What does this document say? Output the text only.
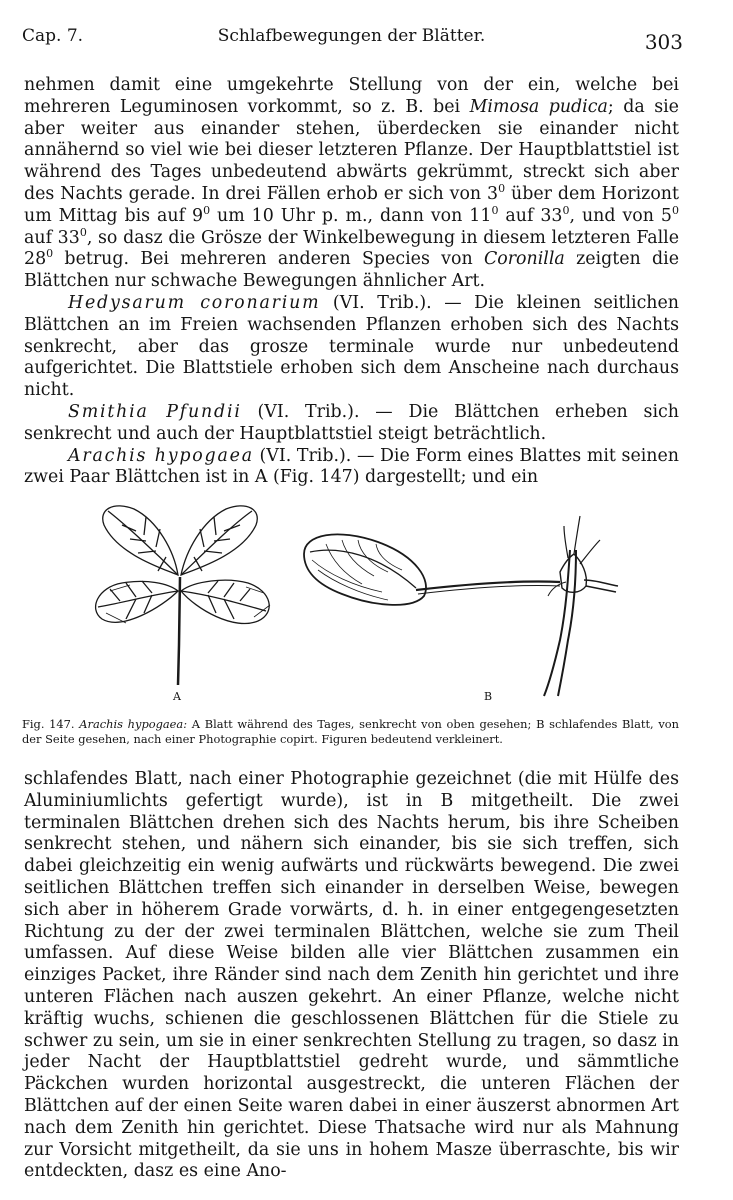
Cap. 7.	Schlafbewegungen der Blätter.	303

nehmen damit eine umgekehrte Stellung von der ein, welche bei mehreren Leguminosen vorkommt, so z. B. bei Mimosa pudica; da sie aber weiter aus einander stehen, überdecken sie einander nicht annähernd so viel wie bei dieser letzteren Pflanze. Der Hauptblattstiel ist während des Tages unbedeutend abwärts gekrümmt, streckt sich aber des Nachts gerade. In drei Fällen erhob er sich von $3^0$ über dem Horizont um Mittag bis auf $9^0$ um 10 Uhr p. m., dann von $11^0$ auf $33^0$, und von $5^0$ auf $33^0$, so dasz die Grösze der Winkelbewegung in diesem letzteren Falle $28^0$ betrug. Bei mehreren anderen Species von Coronilla zeigten die Blättchen nur schwache Bewegungen ähnlicher Art.

Hedysarum coronarium (VI. Trib.). — Die kleinen seitlichen Blättchen an im Freien wachsenden Pflanzen erhoben sich des Nachts senkrecht, aber das grosze terminale wurde nur unbedeutend aufgerichtet. Die Blattstiele erhoben sich dem Anscheine nach durchaus nicht.

Smithia Pfundii (VI. Trib.). — Die Blättchen erheben sich senkrecht und auch der Hauptblattstiel steigt beträchtlich.

Arachis hypogaea (VI. Trib.). — Die Form eines Blattes mit seinen zwei Paar Blättchen ist in A (Fig. 147) dargestellt; und ein

A	B

Fig. 147. Arachis hypogaea: A Blatt während des Tages, senkrecht von oben gesehen; B schlafendes Blatt, von der Seite gesehen, nach einer Photographie copirt. Figuren bedeutend verkleinert.

schlafendes Blatt, nach einer Photographie gezeichnet (die mit Hülfe des Aluminiumlichts gefertigt wurde), ist in B mitgetheilt. Die zwei terminalen Blättchen drehen sich des Nachts herum, bis ihre Scheiben senkrecht stehen, und nähern sich einander, bis sie sich treffen, sich dabei gleichzeitig ein wenig aufwärts und rückwärts bewegend. Die zwei seitlichen Blättchen treffen sich einander in derselben Weise, bewegen sich aber in höherem Grade vorwärts, d. h. in einer entgegengesetzten Richtung zu der der zwei terminalen Blättchen, welche sie zum Theil umfassen. Auf diese Weise bilden alle vier Blättchen zusammen ein einziges Packet, ihre Ränder sind nach dem Zenith hin gerichtet und ihre unteren Flächen nach auszen gekehrt. An einer Pflanze, welche nicht kräftig wuchs, schienen die geschlossenen Blättchen für die Stiele zu schwer zu sein, um sie in einer senkrechten Stellung zu tragen, so dasz in jeder Nacht der Hauptblattstiel gedreht wurde, und sämmtliche Päckchen wurden horizontal ausgestreckt, die unteren Flächen der Blättchen auf der einen Seite waren dabei in einer äuszerst abnormen Art nach dem Zenith hin gerichtet. Diese Thatsache wird nur als Mahnung zur Vorsicht mitgetheilt, da sie uns in hohem Masze überraschte, bis wir entdeckten, dasz es eine Ano-
